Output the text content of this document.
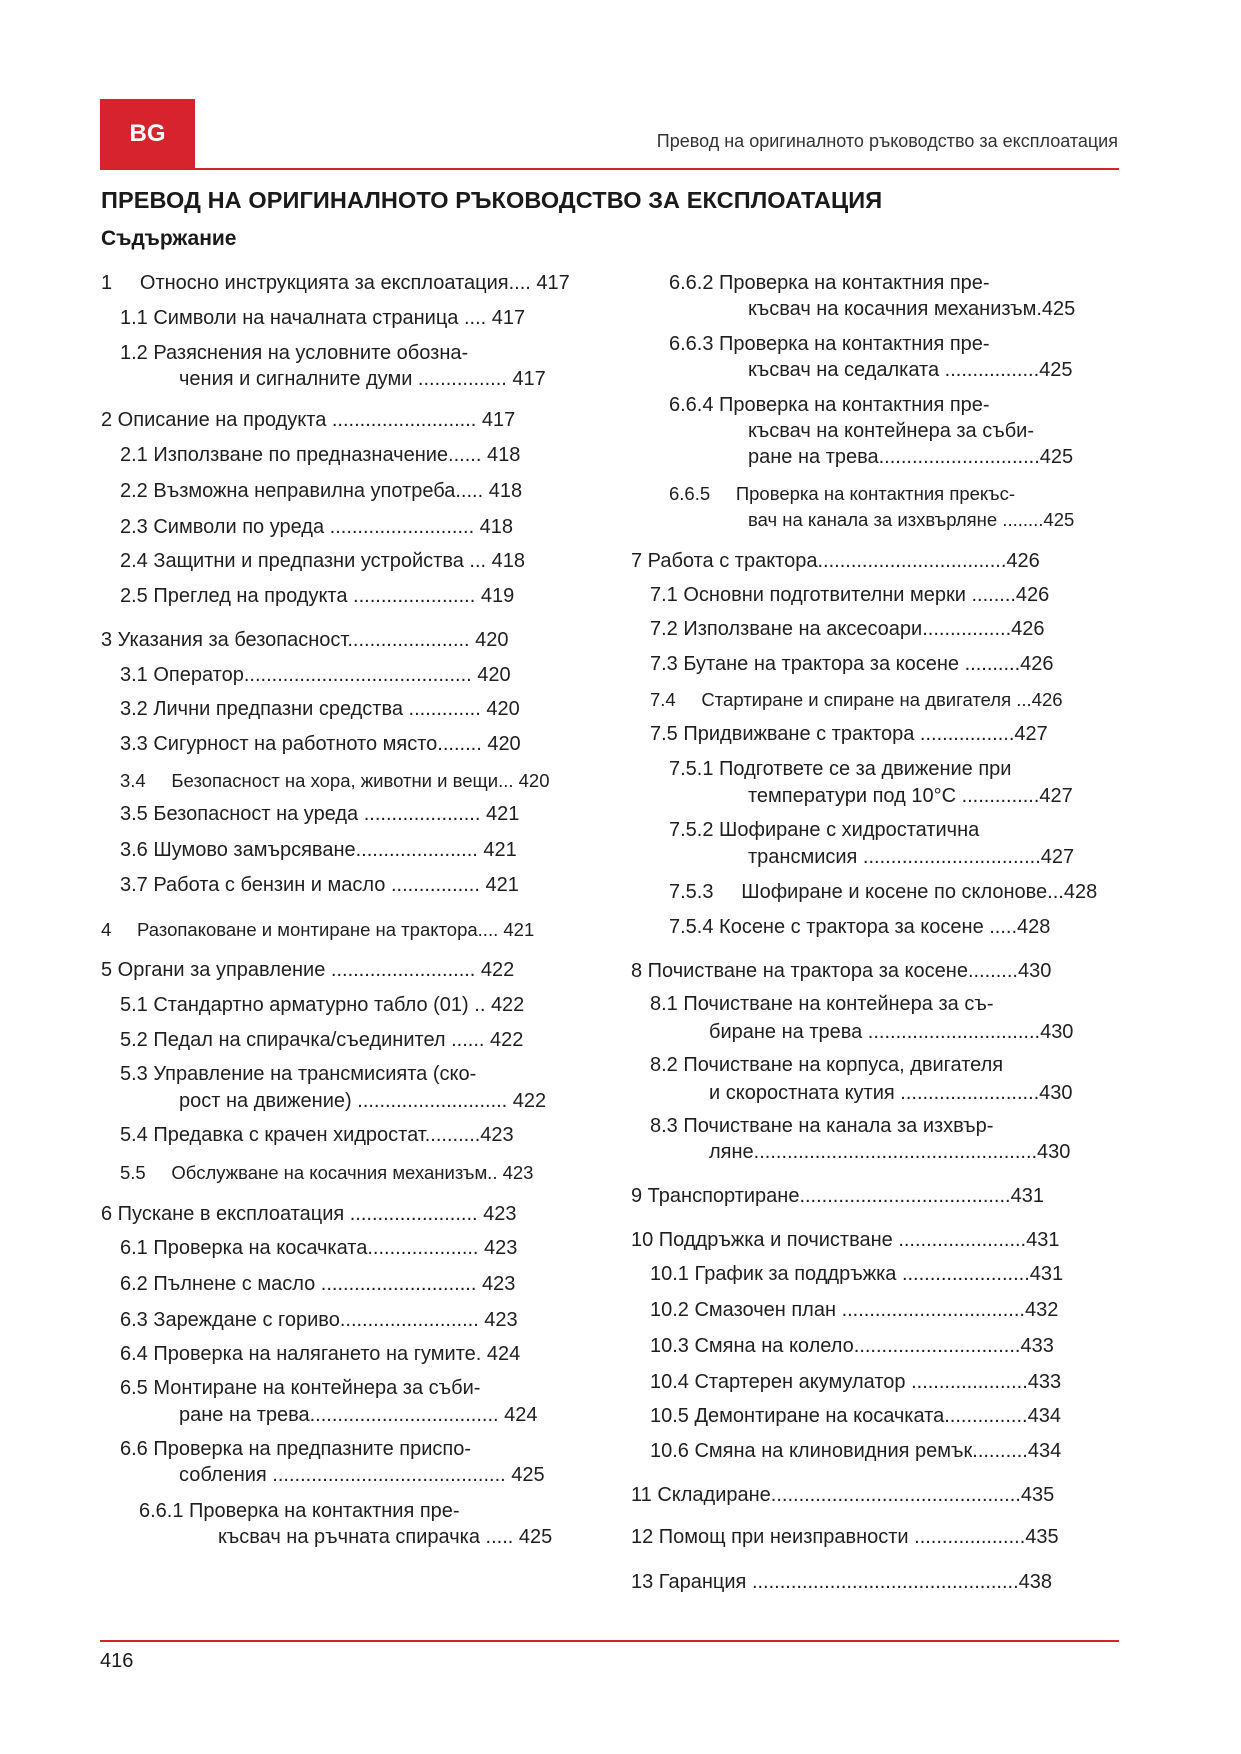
BG	Превод на оригиналното ръководство за експлоатация
ПРЕВОД НА ОРИГИНАЛНОТО РЪКОВОДСТВО ЗА ЕКСПЛОАТАЦИЯ
Съдържание
1     Относно инструкцията за експлоатация.... 417
1.1 Символи на началната страница .... 417
1.2 Разяснения на условните обозна-
чения и сигналните думи ................ 417
2 Описание на продукта .......................... 417
2.1 Използване по предназначение...... 418
2.2 Възможна неправилна употреба..... 418
2.3 Символи по уреда .......................... 418
2.4 Защитни и предпазни устройства ... 418
2.5 Преглед на продукта ...................... 419
3 Указания за безопасност...................... 420
3.1 Оператор......................................... 420
3.2 Лични предпазни средства ............. 420
3.3 Сигурност на работното място........ 420
3.4     Безопасност на хора, животни и вещи... 420
3.5 Безопасност на уреда ..................... 421
3.6 Шумово замърсяване...................... 421
3.7 Работа с бензин и масло ................ 421
4     Разопаковане и монтиране на трактора.... 421
5 Органи за управление .......................... 422
5.1 Стандартно арматурно табло (01) .. 422
5.2 Педал на спирачка/съединител ...... 422
5.3 Управление на трансмисията (ско-
рост на движение) ........................... 422
5.4 Предавка с крачен хидростат..........423
5.5     Обслужване на косачния механизъм.. 423
6 Пускане в експлоатация ....................... 423
6.1 Проверка на косачката.................... 423
6.2 Пълнене с масло ............................ 423
6.3 Зареждане с гориво......................... 423
6.4 Проверка на налягането на гумите. 424
6.5 Монтиране на контейнера за съби-
ране на трева.................................. 424
6.6 Проверка на предпазните приспо-
собления .......................................... 425
6.6.1 Проверка на контактния пре-
късвач на ръчната спирачка ..... 425
6.6.2 Проверка на контактния пре-
късвач на косачния механизъм.425
6.6.3 Проверка на контактния пре-
късвач на седалката .................425
6.6.4 Проверка на контактния пре-
късвач на контейнера за съби-
ране на трева.............................425
6.6.5     Проверка на контактния прекъс-
вач на канала за изхвърляне ........425
7 Работа с трактора..................................426
7.1 Основни подготвителни мерки ........426
7.2 Използване на аксесоари................426
7.3 Бутане на трактора за косене ..........426
7.4     Стартиране и спиране на двигателя ...426
7.5 Придвижване с трактора .................427
7.5.1 Подгответе се за движение при
температури под 10°C ..............427
7.5.2 Шофиране с хидростатична
трансмисия ................................427
7.5.3     Шофиране и косене по склонове...428
7.5.4 Косене с трактора за косене .....428
8 Почистване на трактора за косене.........430
8.1 Почистване на контейнера за съ-
биране на трева ...............................430
8.2 Почистване на корпуса, двигателя
и скоростната кутия .........................430
8.3 Почистване на канала за изхвър-
ляне...................................................430
9 Транспортиране......................................431
10 Поддръжка и почистване .......................431
10.1 График за поддръжка .......................431
10.2 Смазочен план .................................432
10.3 Смяна на колело..............................433
10.4 Стартерен акумулатор .....................433
10.5 Демонтиране на косачката...............434
10.6 Смяна на клиновидния ремък..........434
11 Складиране.............................................435
12 Помощ при неизправности ....................435
13 Гаранция ................................................438
416
